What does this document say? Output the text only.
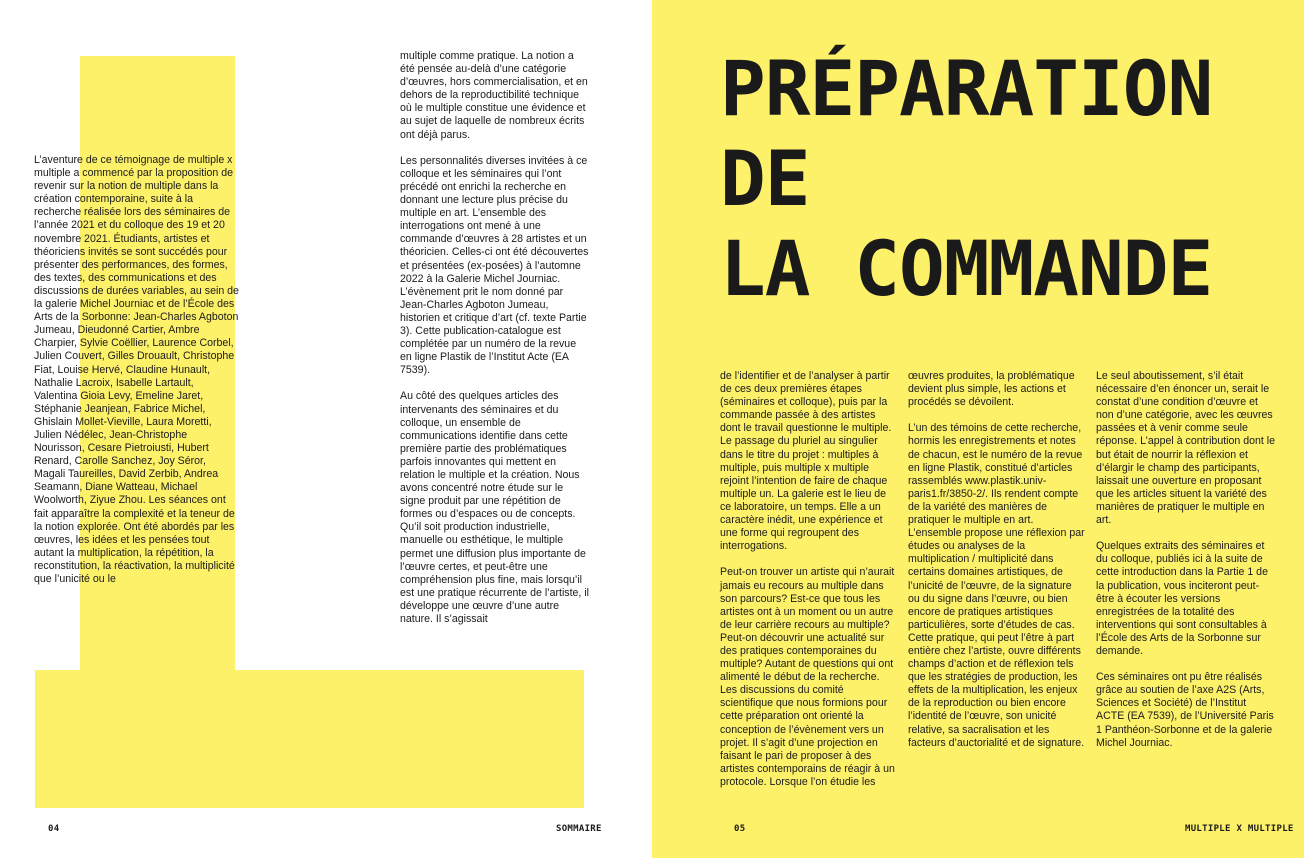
L’aventure de ce témoignage de multiple x multiple a commencé par la proposition de revenir sur la notion de multiple dans la création contemporaine, suite à la recherche réalisée lors des séminaires de l’année 2021 et du colloque des 19 et 20 novembre 2021. Étudiants, artistes et théoriciens invités se sont succédés pour présenter des performances, des formes, des textes, des communications et des discussions de durées variables, au sein de la galerie Michel Journiac et de l’École des Arts de la Sorbonne: Jean-Charles Agboton Jumeau, Dieudonné Cartier, Ambre Charpier, Sylvie Coëllier, Laurence Corbel, Julien Couvert, Gilles Drouault, Christophe Fiat, Louise Hervé, Claudine Hunault, Nathalie Lacroix, Isabelle Lartault, Valentina Gioia Levy, Emeline Jaret, Stéphanie Jeanjean, Fabrice Michel, Ghislain Mollet-Vieville, Laura Moretti, Julien Nédélec, Jean-Christophe Nourisson, Cesare Pietroiusti, Hubert Renard, Carolle Sanchez, Joy Séror, Magali Taureilles, David Zerbib, Andrea Seamann, Diane Watteau, Michael Woolworth, Ziyue Zhou. Les séances ont fait apparaître la complexité et la teneur de la notion explorée. Ont été abordés par les œuvres, les idées et les pensées tout autant la multiplication, la répétition, la reconstitution, la réactivation, la multiplicité que l’unicité ou le

multiple comme pratique. La notion a été pensée au-delà d’une catégorie d’œuvres, hors commercialisation, et en dehors de la reproductibilité technique où le multiple constitue une évidence et au sujet de laquelle de nombreux écrits ont déjà parus.

Les personnalités diverses invitées à ce colloque et les séminaires qui l’ont précédé ont enrichi la recherche en donnant une lecture plus précise du multiple en art. L’ensemble des interrogations ont mené à une commande d’œuvres à 28 artistes et un théoricien. Celles-ci ont été découvertes et présentées (ex-posées) à l’automne 2022 à la Galerie Michel Journiac. L’évènement prit le nom donné par Jean-Charles Agboton Jumeau, historien et critique d’art (cf. texte Partie 3). Cette publication-catalogue est complétée par un numéro de la revue en ligne Plastik de l’Institut Acte (EA 7539).

Au côté des quelques articles des intervenants des séminaires et du colloque, un ensemble de communications identifie dans cette première partie des problématiques parfois innovantes qui mettent en relation le multiple et la création. Nous avons concentré notre étude sur le signe produit par une répétition de formes ou d’espaces ou de concepts. Qu’il soit production industrielle, manuelle ou esthétique, le multiple permet une diffusion plus importante de l’œuvre certes, et peut-être une compréhension plus fine, mais lorsqu’il est une pratique récurrente de l’artiste, il développe une œuvre d’une autre nature. Il s’agissait

04	SOMMAIRE
PRÉPARATION
DE
LA COMMANDE

de l’identifier et de l’analyser à partir de ces deux premières étapes (séminaires et colloque), puis par la commande passée à des artistes dont le travail questionne le multiple. Le passage du pluriel au singulier dans le titre du projet : multiples à multiple, puis multiple x multiple rejoint l’intention de faire de chaque multiple un. La galerie est le lieu de ce laboratoire, un temps. Elle a un caractère inédit, une expérience et une forme qui regroupent des interrogations.

Peut-on trouver un artiste qui n’aurait jamais eu recours au multiple dans son parcours? Est-ce que tous les artistes ont à un moment ou un autre de leur carrière recours au multiple? Peut-on découvrir une actualité sur des pratiques contemporaines du multiple? Autant de questions qui ont alimenté le début de la recherche. Les discussions du comité scientifique que nous formions pour cette préparation ont orienté la conception de l’évènement vers un projet. Il s’agit d’une projection en faisant le pari de proposer à des artistes contemporains de réagir à un protocole. Lorsque l’on étudie les

œuvres produites, la problématique devient plus simple, les actions et procédés se dévoilent.

L’un des témoins de cette recherche, hormis les enregistrements et notes de chacun, est le numéro de la revue en ligne Plastik, constitué d’articles rassemblés www.plastik.univ-paris1.fr/3850-2/. Ils rendent compte de la variété des manières de pratiquer le multiple en art. L’ensemble propose une réflexion par études ou analyses de la multiplication / multiplicité dans certains domaines artistiques, de l’unicité de l’œuvre, de la signature ou du signe dans l’œuvre, ou bien encore de pratiques artistiques particulières, sorte d’études de cas. Cette pratique, qui peut l’être à part entière chez l’artiste, ouvre différents champs d’action et de réflexion tels que les stratégies de production, les effets de la multiplication, les enjeux de la reproduction ou bien encore l’identité de l’œuvre, son unicité relative, sa sacralisation et les facteurs d’auctorialité et de signature.

Le seul aboutissement, s’il était nécessaire d’en énoncer un, serait le constat d’une condition d’œuvre et non d’une catégorie, avec les œuvres passées et à venir comme seule réponse. L’appel à contribution dont le but était de nourrir la réflexion et d’élargir le champ des participants, laissait une ouverture en proposant que les articles situent la variété des manières de pratiquer le multiple en art.

Quelques extraits des séminaires et du colloque, publiés ici à la suite de cette introduction dans la Partie 1 de la publication, vous inciteront peut-être à écouter les versions enregistrées de la totalité des interventions qui sont consultables à l’École des Arts de la Sorbonne sur demande.

Ces séminaires ont pu être réalisés grâce au soutien de l’axe A2S (Arts, Sciences et Société) de l’Institut ACTE (EA 7539), de l’Université Paris 1 Panthéon-Sorbonne et de la galerie Michel Journiac.

05	MULTIPLE X MULTIPLE
